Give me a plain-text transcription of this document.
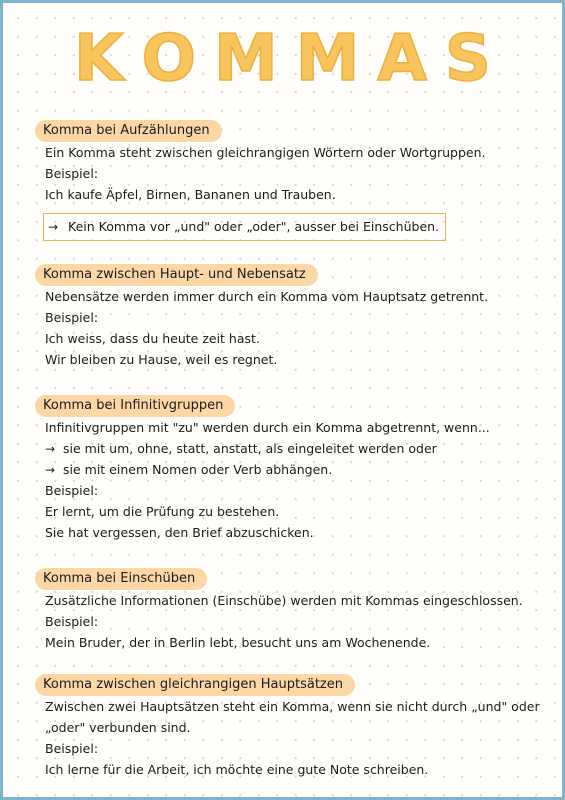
K O M M A S
Komma bei Aufzählungen
Ein Komma steht zwischen gleichrangigen Wörtern oder Wortgruppen.
Beispiel:
Ich kaufe Äpfel, Birnen, Bananen und Trauben.
→ Kein Komma vor „und" oder „oder", ausser bei Einschüben.
Komma zwischen Haupt- und Nebensatz
Nebensätze werden immer durch ein Komma vom Hauptsatz getrennt.
Beispiel:
Ich weiss, dass du heute zeit hast.
Wir bleiben zu Hause, weil es regnet.
Komma bei Infinitivgruppen
Infinitivgruppen mit "zu" werden durch ein Komma abgetrennt, wenn...
→ sie mit um, ohne, statt, anstatt, als eingeleitet werden oder
→ sie mit einem Nomen oder Verb abhängen.
Beispiel:
Er lernt, um die Prüfung zu bestehen.
Sie hat vergessen, den Brief abzuschicken.
Komma bei Einschüben
Zusätzliche Informationen (Einschübe) werden mit Kommas eingeschlossen.
Beispiel:
Mein Bruder, der in Berlin lebt, besucht uns am Wochenende.
Komma zwischen gleichrangigen Hauptsätzen
Zwischen zwei Hauptsätzen steht ein Komma, wenn sie nicht durch „und" oder
„oder" verbunden sind.
Beispiel:
Ich lerne für die Arbeit, ich möchte eine gute Note schreiben.
